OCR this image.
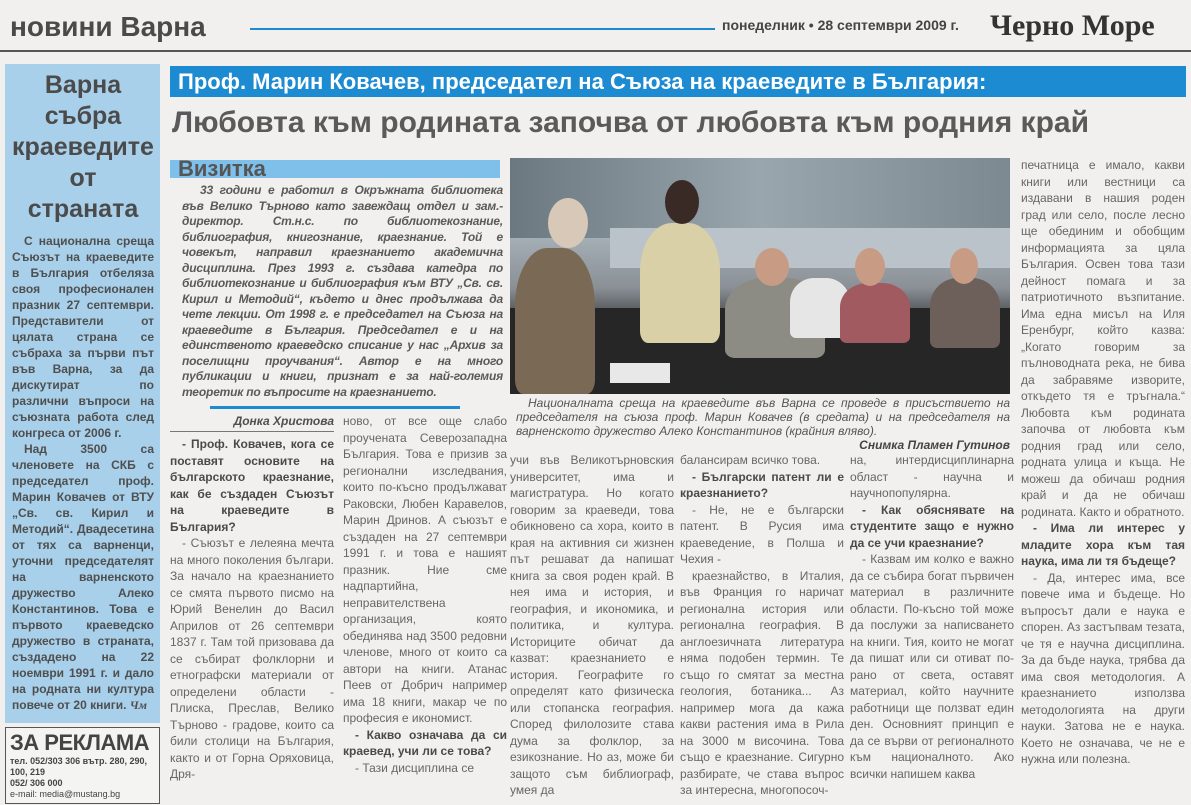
новини Варна	понеделник • 28 септември 2009 г. Черно Море
Варна събра краеведите от страната

С национална среща Съюзът на краеведите в България отбеляза своя професионален празник 27 септември. Представители от цялата страна се събраха за първи път във Варна, за да дискутират по различни въпроси на съюзната работа след конгреса от 2006 г.

Над 3500 са членовете на СКБ с председател проф. Марин Ковачев от ВТУ „Св. св. Кирил и Методий“. Двадесетина от тях са варненци, уточни председателят на варненското дружество Алеко Константинов. Това е първото краеведско дружество в страната, създадено на 22 ноември 1991 г. и дало на родната ни култура повече от 20 книги. Чм

ЗА РЕКЛАМА
тел. 052/303 306 вътр. 280, 290, 100, 219
052/ 306 000
e-mail: media@mustang.bg
Проф. Марин Ковачев, председател на Съюза на краеведите в България:
Любовта към родината започва от любовта към родния край
Визитка
33 години е работил в Окръжната библиотека във Велико Търново като завеждащ отдел и зам.-директор. Ст.н.с. по библиотекознание, библиография, книгознание, краезнание. Той е човекът, направил краезнанието академична дисциплина. През 1993 г. създава катедра по библиотекознание и библиография към ВТУ „Св. св. Кирил и Методий“, където и днес продължава да чете лекции. От 1998 г. е председател на Съюза на краеведите в България. Председател е и на единственото краеведско списание у нас „Архив за поселищни проучвания“. Автор е на много публикации и книги, признат е за най-големия теоретик по въпросите на краезнанието.
Донка Христова

- Проф. Ковачев, кога се поставят основите на българското краезнание, как бе създаден Съюзът на краеведите в България?

- Съюзът е лелеяна мечта на много поколения българи. За начало на краезнанието се смята първото писмо на Юрий Венелин до Васил Априлов от 26 септември 1837 г. Там той призовава да се събират фолклорни и етнографски материали от определени области - Плиска, Преслав, Велико Търново - градове, които са били столици на България, както и от Горна Оряховица, Дря-

ново, от все още слабо проучената Северозападна България. Това е призив за регионални изследвания, които по-късно продължават Раковски, Любен Каравелов, Марин Дринов. А съюзът е създаден на 27 септември 1991 г. и това е нашият празник. Ние сме надпартийна, неправителствена организация, която обединява над 3500 редовни членове, много от които са автори на книги. Атанас Пеев от Добрич например има 18 книги, макар че по професия е икономист.

- Какво означава да си краевед, учи ли се това?

- Тази дисциплина се

Националната среща на краеведите във Варна се проведе в присъствието на председателя на съюза проф. Марин Ковачев (в средата) и на председателя на варненското дружество Алеко Константинов (крайния вляво).
Снимка Пламен Гутинов

учи във Великотърновския университет, има и магистратура. Но когато говорим за краеведи, това обикновено са хора, които в края на активния си жизнен път решават да напишат книга за своя роден край. В нея има и история, и география, и икономика, и политика, и култура. Историците обичат да казват: краезнанието е история. Географите го определят като физическа или стопанска география. Според филолозите става дума за фолклор, за езикознание. Но аз, може би защото съм библиограф, умея да

балансирам всичко това.

- Български патент ли е краезнанието?

- Не, не е български патент. В Русия има краеведение, в Полша и Чехия -

краезнайство, в Италия, във Франция го наричат регионална история или регионална география. В англоезичната литература няма подобен термин. Те също го смятат за местна геология, ботаника... Аз например мога да кажа какви растения има в Рила на 3000 м височина. Това също е краезнание. Сигурно разбирате, че става въпрос за интересна, многопосоч-

на, интердисциплинарна област - научна и научнопопулярна.

- Как обяснявате на студентите защо е нужно да се учи краезнание?

- Казвам им колко е важно да се събира богат първичен материал в различните области. По-късно той може да послужи за написването на книги. Тия, които не могат да пишат или си отиват по-рано от света, оставят материал, който научните работници ще ползват един ден. Основният принцип е да се върви от регионалното към националното. Ако всички напишем каква

печатница е имало, какви книги или вестници са издавани в нашия роден град или село, после лесно ще обединим и обобщим информацията за цяла България. Освен това тази дейност помага и за патриотичното възпитание. Има една мисъл на Иля Еренбург, който казва: „Когато говорим за пълноводната река, не бива да забравяме изворите, откъдето тя е тръгнала.“ Любовта към родината започва от любовта към родния град или село, родната улица и къща. Не можеш да обичаш родния край и да не обичаш родината. Както и обратното.

- Има ли интерес у младите хора към тая наука, има ли тя бъдеще?

- Да, интерес има, все повече има и бъдеще. Но въпросът дали е наука е спорен. Аз застъпвам тезата, че тя е научна дисциплина. За да бъде наука, трябва да има своя методология. А краезнанието използва методологията на други науки. Затова не е наука. Което не означава, че не е нужна или полезна.
